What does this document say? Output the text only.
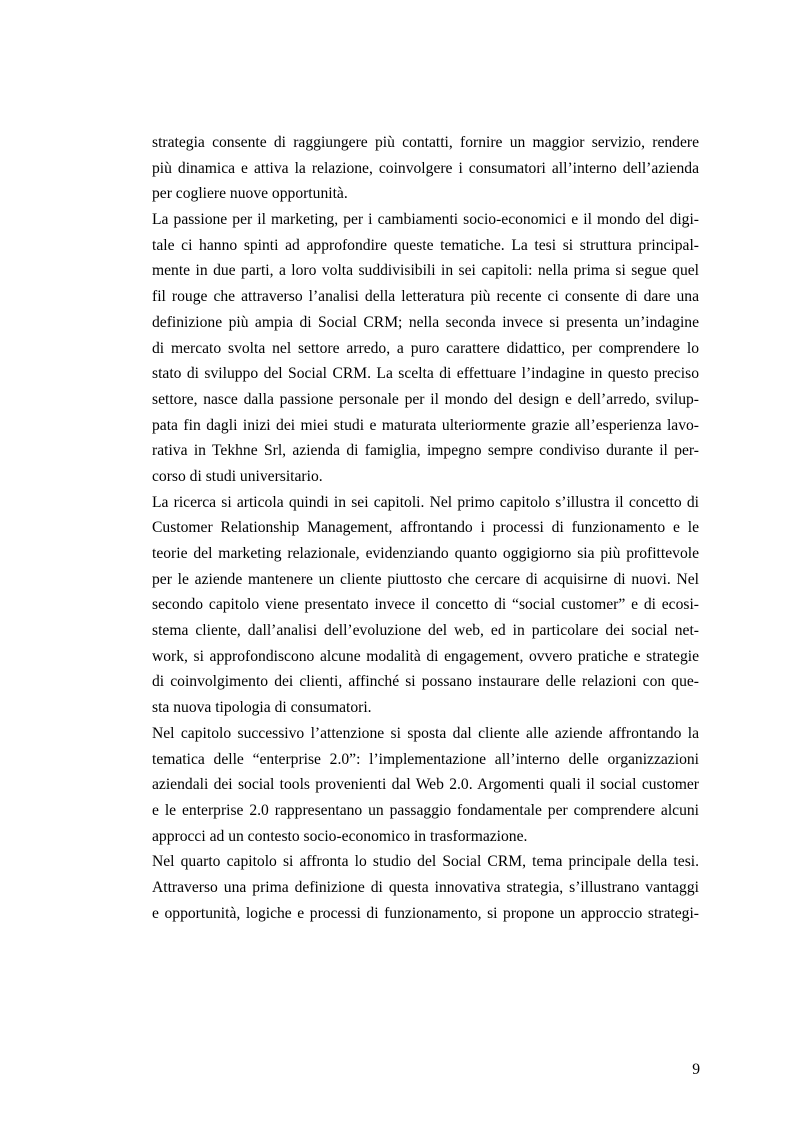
strategia consente di raggiungere più contatti, fornire un maggior servizio, rendere
più dinamica e attiva la relazione, coinvolgere i consumatori all’interno dell’azienda
per cogliere nuove opportunità.
La passione per il marketing, per i cambiamenti socio-economici e il mondo del digi-
tale ci hanno spinti ad approfondire queste tematiche. La tesi si struttura principal-
mente in due parti, a loro volta suddivisibili in sei capitoli: nella prima si segue quel
fil rouge che attraverso l’analisi della letteratura più recente ci consente di dare una
definizione più ampia di Social CRM; nella seconda invece si presenta un’indagine
di mercato svolta nel settore arredo, a puro carattere didattico, per comprendere lo
stato di sviluppo del Social CRM. La scelta di effettuare l’indagine in questo preciso
settore, nasce dalla passione personale per il mondo del design e dell’arredo, svilup-
pata fin dagli inizi dei miei studi e maturata ulteriormente grazie all’esperienza lavo-
rativa in Tekhne Srl, azienda di famiglia, impegno sempre condiviso durante il per-
corso di studi universitario.
La ricerca si articola quindi in sei capitoli. Nel primo capitolo s’illustra il concetto di
Customer Relationship Management, affrontando i processi di funzionamento e le
teorie del marketing relazionale, evidenziando quanto oggigiorno sia più profittevole
per le aziende mantenere un cliente piuttosto che cercare di acquisirne di nuovi. Nel
secondo capitolo viene presentato invece il concetto di “social customer” e di ecosi-
stema cliente, dall’analisi dell’evoluzione del web, ed in particolare dei social net-
work, si approfondiscono alcune modalità di engagement, ovvero pratiche e strategie
di coinvolgimento dei clienti, affinché si possano instaurare delle relazioni con que-
sta nuova tipologia di consumatori.
Nel capitolo successivo l’attenzione si sposta dal cliente alle aziende affrontando la
tematica delle “enterprise 2.0”: l’implementazione all’interno delle organizzazioni
aziendali dei social tools provenienti dal Web 2.0. Argomenti quali il social customer
e le enterprise 2.0 rappresentano un passaggio fondamentale per comprendere alcuni
approcci ad un contesto socio-economico in trasformazione.
Nel quarto capitolo si affronta lo studio del Social CRM, tema principale della tesi.
Attraverso una prima definizione di questa innovativa strategia, s’illustrano vantaggi
e opportunità, logiche e processi di funzionamento, si propone un approccio strategi-
9
